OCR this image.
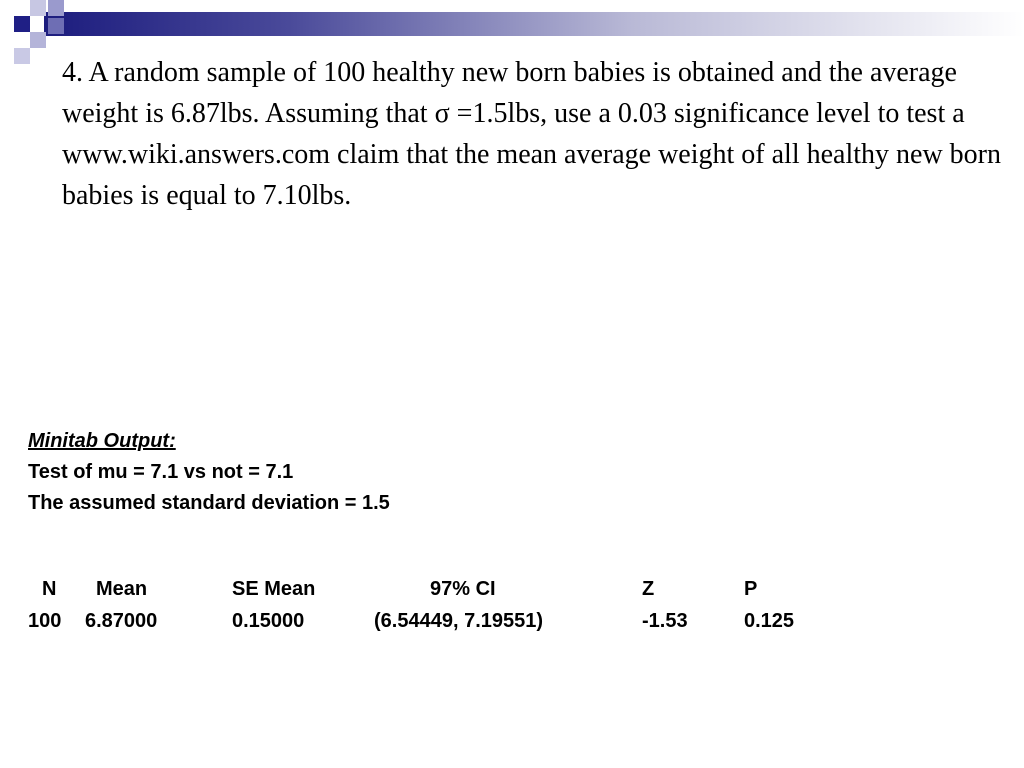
4. A random sample of 100 healthy new born babies is obtained and the average weight is 6.87lbs. Assuming that σ =1.5lbs, use a 0.03 significance level to test a www.wiki.answers.com claim that the mean average weight of all healthy new born babies is equal to 7.10lbs.

Minitab Output:
Test of mu = 7.1 vs not = 7.1
The assumed standard deviation = 1.5
N Mean	SE Mean	97% CI	Z	P
100 6.87000	0.15000	(6.54449, 7.19551)	-1.53	0.125
